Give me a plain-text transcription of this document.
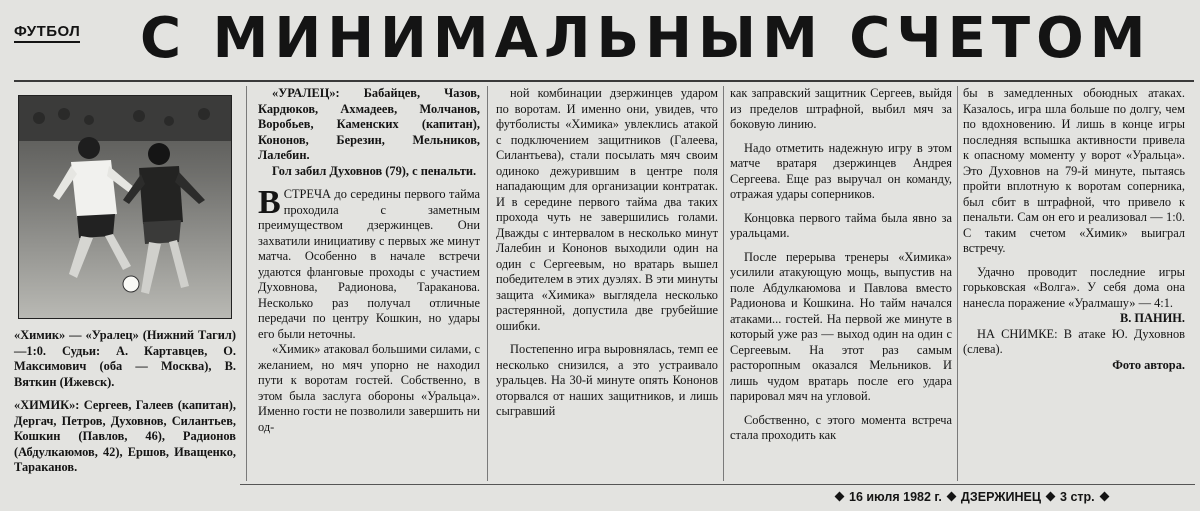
ФУТБОЛ С МИНИМАЛЬНЫМ СЧЕТОМ

«Химик» — «Уралец» (Нижний Тагил)—1:0. Судьи: А. Картавцев, О. Максимович (оба — Москва), В. Вяткин (Ижевск).

«ХИМИК»: Сергеев, Галеев (капитан), Дергач, Петров, Духовнов, Силантьев, Кошкин (Павлов, 46), Радионов (Абдулкаюмов, 42), Ершов, Иващенко, Тараканов.

«УРАЛЕЦ»: Бабайцев, Чазов, Кардюков, Ахмадеев, Молчанов, Воробьев, Каменских (капитан), Кононов, Березин, Мельников, Лалебин.

Гол забил Духовнов (79), с пенальти.

ВСТРЕЧА до середины первого тайма проходила с заметным преимуществом дзержинцев. Они захватили инициативу с первых же минут матча. Особенно в начале встречи удаются фланговые проходы с участием Духовнова, Радионова, Тараканова. Несколько раз получал отличные передачи по центру Кошкин, но удары его были неточны.

«Химик» атаковал большими силами, с желанием, но мяч упорно не находил пути к воротам гостей. Собственно, в этом была заслуга обороны «Уральца». Именно гости не позволили завершить ни од-

ной комбинации дзержинцев ударом по воротам. И именно они, увидев, что футболисты «Химика» увлеклись атакой с подключением защитников (Галеева, Силантьева), стали посылать мяч своим одиноко дежурившим в центре поля нападающим для организации контратак. И в середине первого тайма два таких прохода чуть не завершились голами. Дважды с интервалом в несколько минут Лалебин и Кононов выходили один на один с Сергеевым, но вратарь вышел победителем в этих дуэлях. В эти минуты защита «Химика» выглядела несколько растерянной, допустила две грубейшие ошибки.

Постепенно игра выровнялась, темп ее несколько снизился, а это устраивало уральцев. На 30-й минуте опять Кононов оторвался от наших защитников, и лишь сыгравший

как заправский защитник Сергеев, выйдя из пределов штрафной, выбил мяч за боковую линию.

Надо отметить надежную игру в этом матче вратаря дзержинцев Андрея Сергеева. Еще раз выручал он команду, отражая удары соперников.

Концовка первого тайма была явно за уральцами.

После перерыва тренеры «Химика» усилили атакующую мощь, выпустив на поле Абдулкаюмова и Павлова вместо Радионова и Кошкина. Но тайм начался атаками... гостей. На первой же минуте в который уже раз — выход один на один с Сергеевым. На этот раз самым расторопным оказался Мельников. И лишь чудом вратарь после его удара парировал мяч на угловой.

Собственно, с этого момента встреча стала проходить как

бы в замедленных обоюдных атаках. Казалось, игра шла больше по долгу, чем по вдохновению. И лишь в конце игры последняя вспышка активности привела к опасному моменту у ворот «Уральца». Это Духовнов на 79-й минуте, пытаясь пройти вплотную к воротам соперника, был сбит в штрафной, что привело к пенальти. Сам он его и реализовал — 1:0. С таким счетом «Химик» выиграл встречу.

Удачно проводит последние игры горьковская «Волга». У себя дома она нанесла поражение «Уралмашу» — 4:1.

В. ПАНИН.

НА СНИМКЕ: В атаке Ю. Духовнов (слева).

Фото автора.

16 июля 1982 г. ДЗЕРЖИНЕЦ 3 стр.
